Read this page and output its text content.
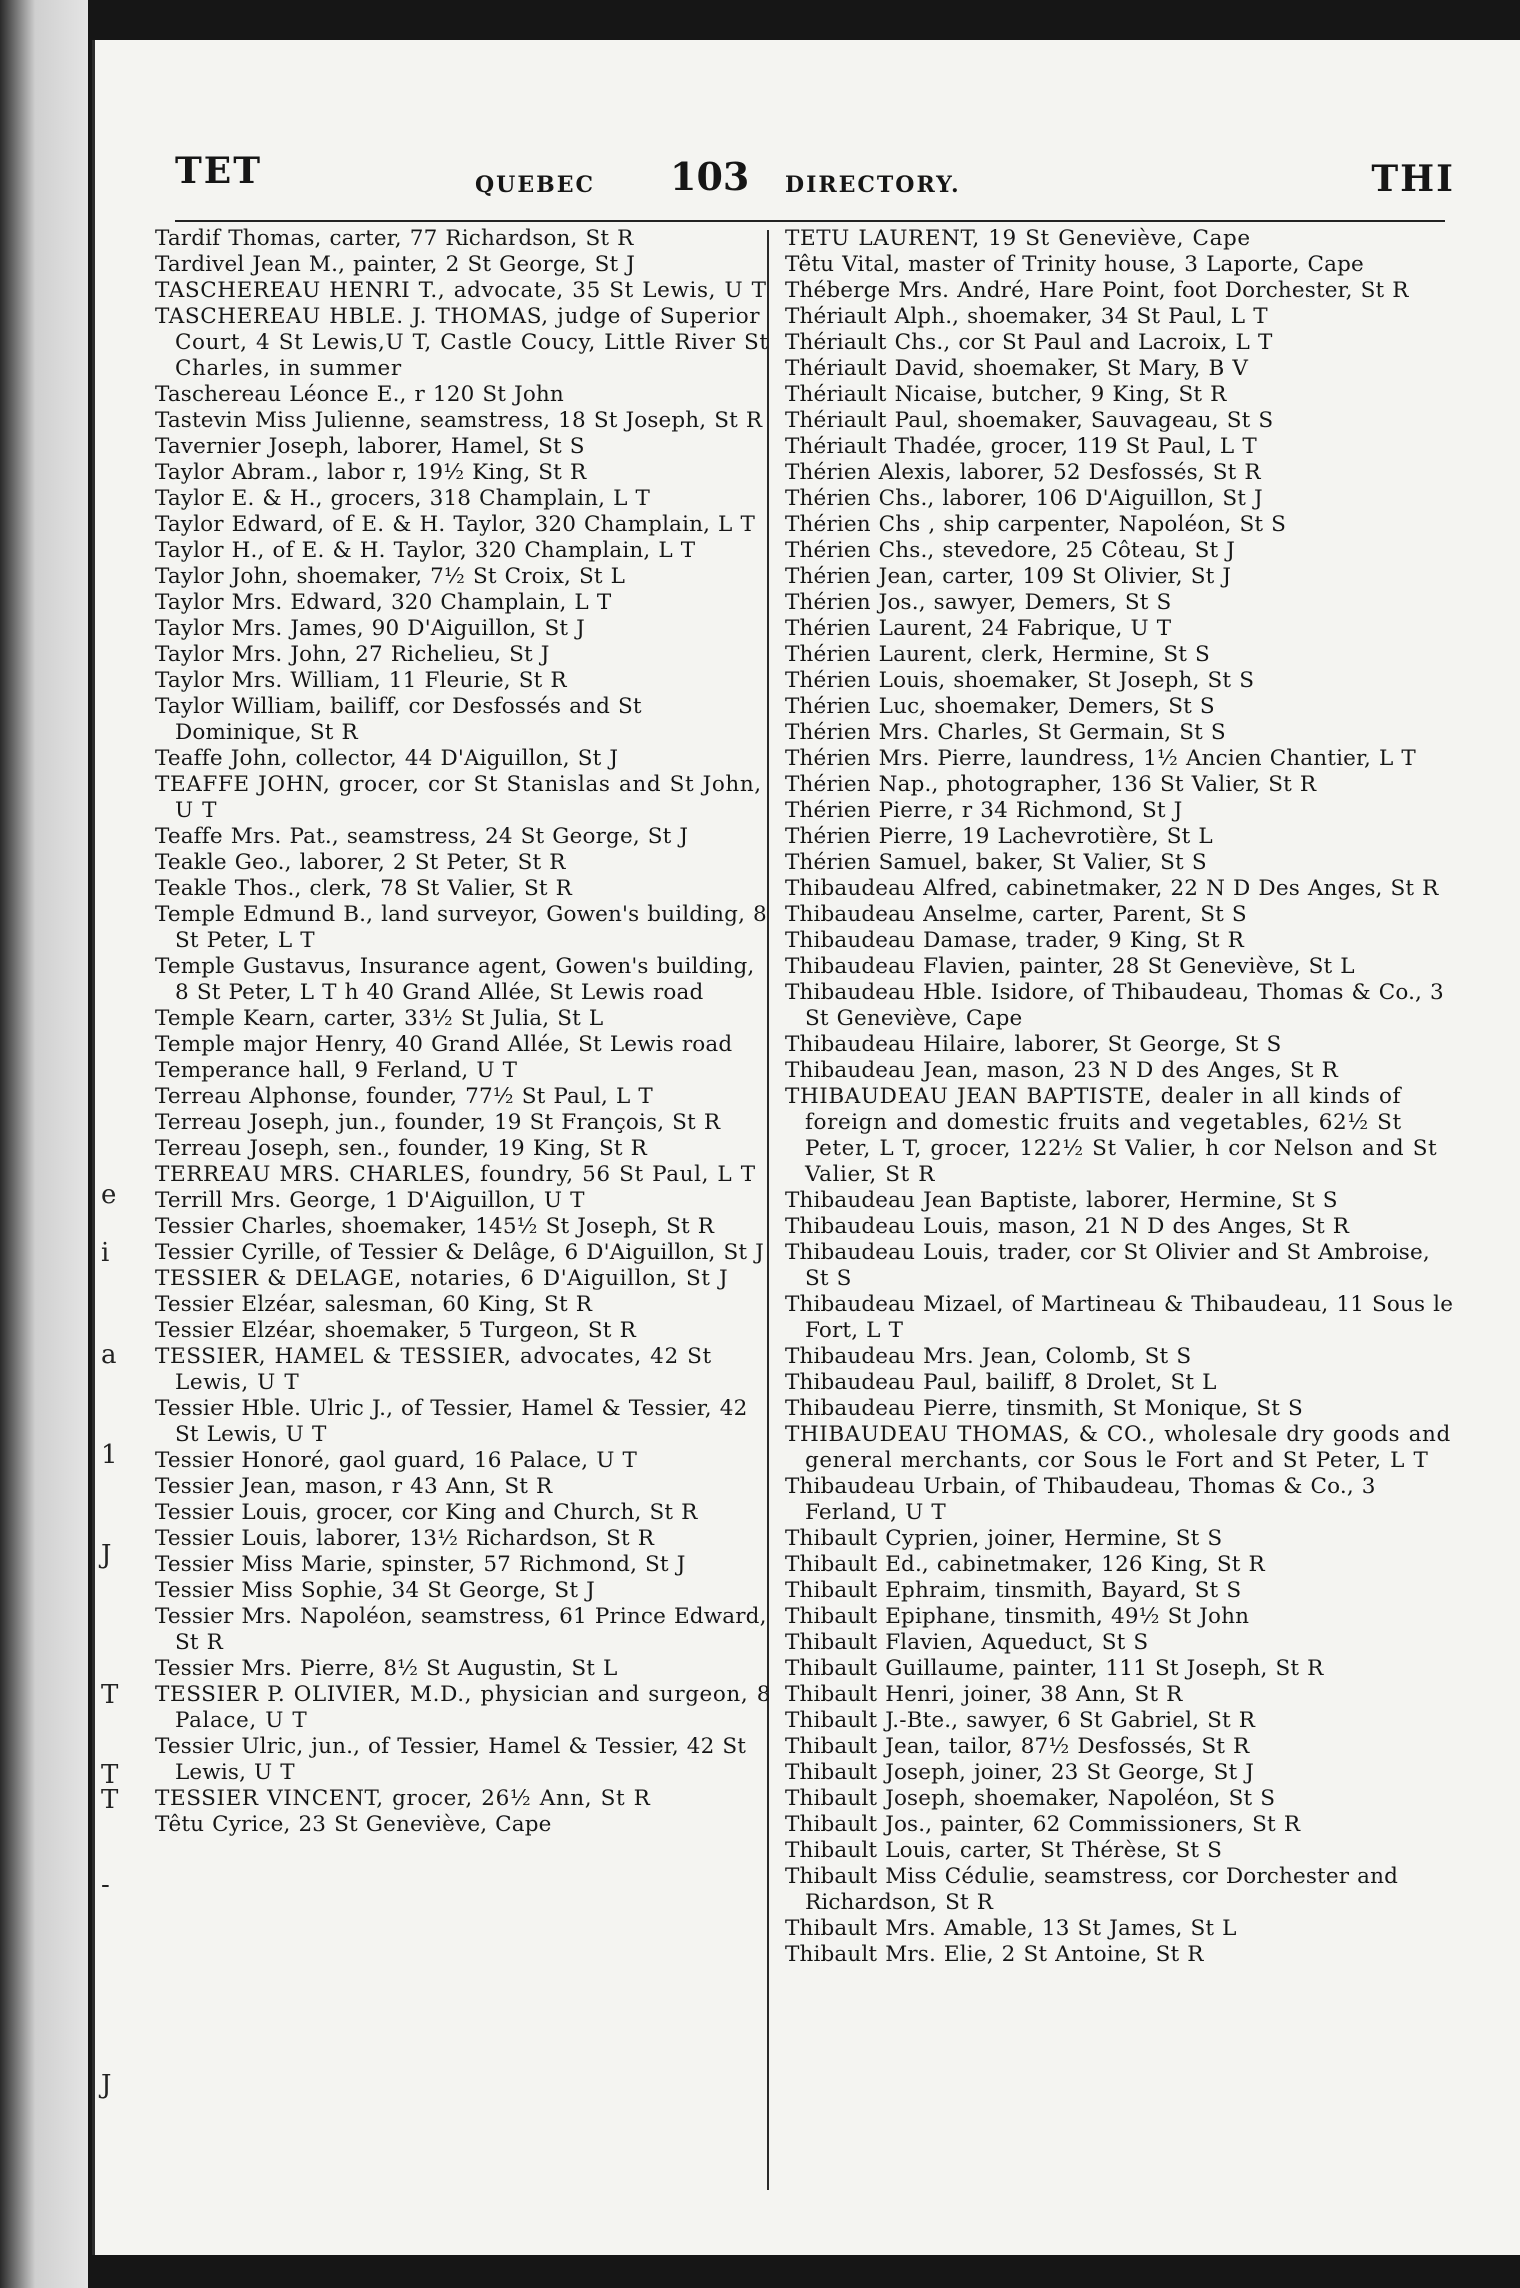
e
i
a
1
J
T
T
T
-
J
TET	QUEBEC 103 DIRECTORY.	THI
Tardif Thomas, carter, 77 Richardson, St R
Tardivel Jean M., painter, 2 St George, St J
TASCHEREAU HENRI T., advocate, 35 St Lewis, U T
TASCHEREAU HBLE. J. THOMAS, judge of Superior Court, 4 St Lewis,U T, Castle Coucy, Little River St Charles, in summer
Taschereau Léonce E., r 120 St John
Tastevin Miss Julienne, seamstress, 18 St Joseph, St R
Tavernier Joseph, laborer, Hamel, St S
Taylor Abram., labor r, 19½ King, St R
Taylor E. & H., grocers, 318 Champlain, L T
Taylor Edward, of E. & H. Taylor, 320 Champlain, L T
Taylor H., of E. & H. Taylor, 320 Champlain, L T
Taylor John, shoemaker, 7½ St Croix, St L
Taylor Mrs. Edward, 320 Champlain, L T
Taylor Mrs. James, 90 D'Aiguillon, St J
Taylor Mrs. John, 27 Richelieu, St J
Taylor Mrs. William, 11 Fleurie, St R
Taylor William, bailiff, cor Desfossés and St Dominique, St R
Teaffe John, collector, 44 D'Aiguillon, St J
TEAFFE JOHN, grocer, cor St Stanislas and St John, U T
Teaffe Mrs. Pat., seamstress, 24 St George, St J
Teakle Geo., laborer, 2 St Peter, St R
Teakle Thos., clerk, 78 St Valier, St R
Temple Edmund B., land surveyor, Gowen's building, 8 St Peter, L T
Temple Gustavus, Insurance agent, Gowen's building, 8 St Peter, L T h 40 Grand Allée, St Lewis road
Temple Kearn, carter, 33½ St Julia, St L
Temple major Henry, 40 Grand Allée, St Lewis road
Temperance hall, 9 Ferland, U T
Terreau Alphonse, founder, 77½ St Paul, L T
Terreau Joseph, jun., founder, 19 St François, St R
Terreau Joseph, sen., founder, 19 King, St R
TERREAU MRS. CHARLES, foundry, 56 St Paul, L T
Terrill Mrs. George, 1 D'Aiguillon, U T
Tessier Charles, shoemaker, 145½ St Joseph, St R
Tessier Cyrille, of Tessier & Delâge, 6 D'Aiguillon, St J
TESSIER & DELAGE, notaries, 6 D'Aiguillon, St J
Tessier Elzéar, salesman, 60 King, St R
Tessier Elzéar, shoemaker, 5 Turgeon, St R
TESSIER, HAMEL & TESSIER, advocates, 42 St Lewis, U T
Tessier Hble. Ulric J., of Tessier, Hamel & Tessier, 42 St Lewis, U T
Tessier Honoré, gaol guard, 16 Palace, U T
Tessier Jean, mason, r 43 Ann, St R
Tessier Louis, grocer, cor King and Church, St R
Tessier Louis, laborer, 13½ Richardson, St R
Tessier Miss Marie, spinster, 57 Richmond, St J
Tessier Miss Sophie, 34 St George, St J
Tessier Mrs. Napoléon, seamstress, 61 Prince Edward, St R
Tessier Mrs. Pierre, 8½ St Augustin, St L
TESSIER P. OLIVIER, M.D., physician and surgeon, 8 Palace, U T
Tessier Ulric, jun., of Tessier, Hamel & Tessier, 42 St Lewis, U T
TESSIER VINCENT, grocer, 26½ Ann, St R
Têtu Cyrice, 23 St Geneviève, Cape
TETU LAURENT, 19 St Geneviève, Cape
Têtu Vital, master of Trinity house, 3 Laporte, Cape
Théberge Mrs. André, Hare Point, foot Dorchester, St R
Thériault Alph., shoemaker, 34 St Paul, L T
Thériault Chs., cor St Paul and Lacroix, L T
Thériault David, shoemaker, St Mary, B V
Thériault Nicaise, butcher, 9 King, St R
Thériault Paul, shoemaker, Sauvageau, St S
Thériault Thadée, grocer, 119 St Paul, L T
Thérien Alexis, laborer, 52 Desfossés, St R
Thérien Chs., laborer, 106 D'Aiguillon, St J
Thérien Chs , ship carpenter, Napoléon, St S
Thérien Chs., stevedore, 25 Côteau, St J
Thérien Jean, carter, 109 St Olivier, St J
Thérien Jos., sawyer, Demers, St S
Thérien Laurent, 24 Fabrique, U T
Thérien Laurent, clerk, Hermine, St S
Thérien Louis, shoemaker, St Joseph, St S
Thérien Luc, shoemaker, Demers, St S
Thérien Mrs. Charles, St Germain, St S
Thérien Mrs. Pierre, laundress, 1½ Ancien Chantier, L T
Thérien Nap., photographer, 136 St Valier, St R
Thérien Pierre, r 34 Richmond, St J
Thérien Pierre, 19 Lachevrotière, St L
Thérien Samuel, baker, St Valier, St S
Thibaudeau Alfred, cabinetmaker, 22 N D Des Anges, St R
Thibaudeau Anselme, carter, Parent, St S
Thibaudeau Damase, trader, 9 King, St R
Thibaudeau Flavien, painter, 28 St Geneviève, St L
Thibaudeau Hble. Isidore, of Thibaudeau, Thomas & Co., 3 St Geneviève, Cape
Thibaudeau Hilaire, laborer, St George, St S
Thibaudeau Jean, mason, 23 N D des Anges, St R
THIBAUDEAU JEAN BAPTISTE, dealer in all kinds of foreign and domestic fruits and vegetables, 62½ St Peter, L T, grocer, 122½ St Valier, h cor Nelson and St Valier, St R
Thibaudeau Jean Baptiste, laborer, Hermine, St S
Thibaudeau Louis, mason, 21 N D des Anges, St R
Thibaudeau Louis, trader, cor St Olivier and St Ambroise, St S
Thibaudeau Mizael, of Martineau & Thibaudeau, 11 Sous le Fort, L T
Thibaudeau Mrs. Jean, Colomb, St S
Thibaudeau Paul, bailiff, 8 Drolet, St L
Thibaudeau Pierre, tinsmith, St Monique, St S
THIBAUDEAU THOMAS, & CO., wholesale dry goods and general merchants, cor Sous le Fort and St Peter, L T
Thibaudeau Urbain, of Thibaudeau, Thomas & Co., 3 Ferland, U T
Thibault Cyprien, joiner, Hermine, St S
Thibault Ed., cabinetmaker, 126 King, St R
Thibault Ephraim, tinsmith, Bayard, St S
Thibault Epiphane, tinsmith, 49½ St John
Thibault Flavien, Aqueduct, St S
Thibault Guillaume, painter, 111 St Joseph, St R
Thibault Henri, joiner, 38 Ann, St R
Thibault J.-Bte., sawyer, 6 St Gabriel, St R
Thibault Jean, tailor, 87½ Desfossés, St R
Thibault Joseph, joiner, 23 St George, St J
Thibault Joseph, shoemaker, Napoléon, St S
Thibault Jos., painter, 62 Commissioners, St R
Thibault Louis, carter, St Thérèse, St S
Thibault Miss Cédulie, seamstress, cor Dorchester and Richardson, St R
Thibault Mrs. Amable, 13 St James, St L
Thibault Mrs. Elie, 2 St Antoine, St R
